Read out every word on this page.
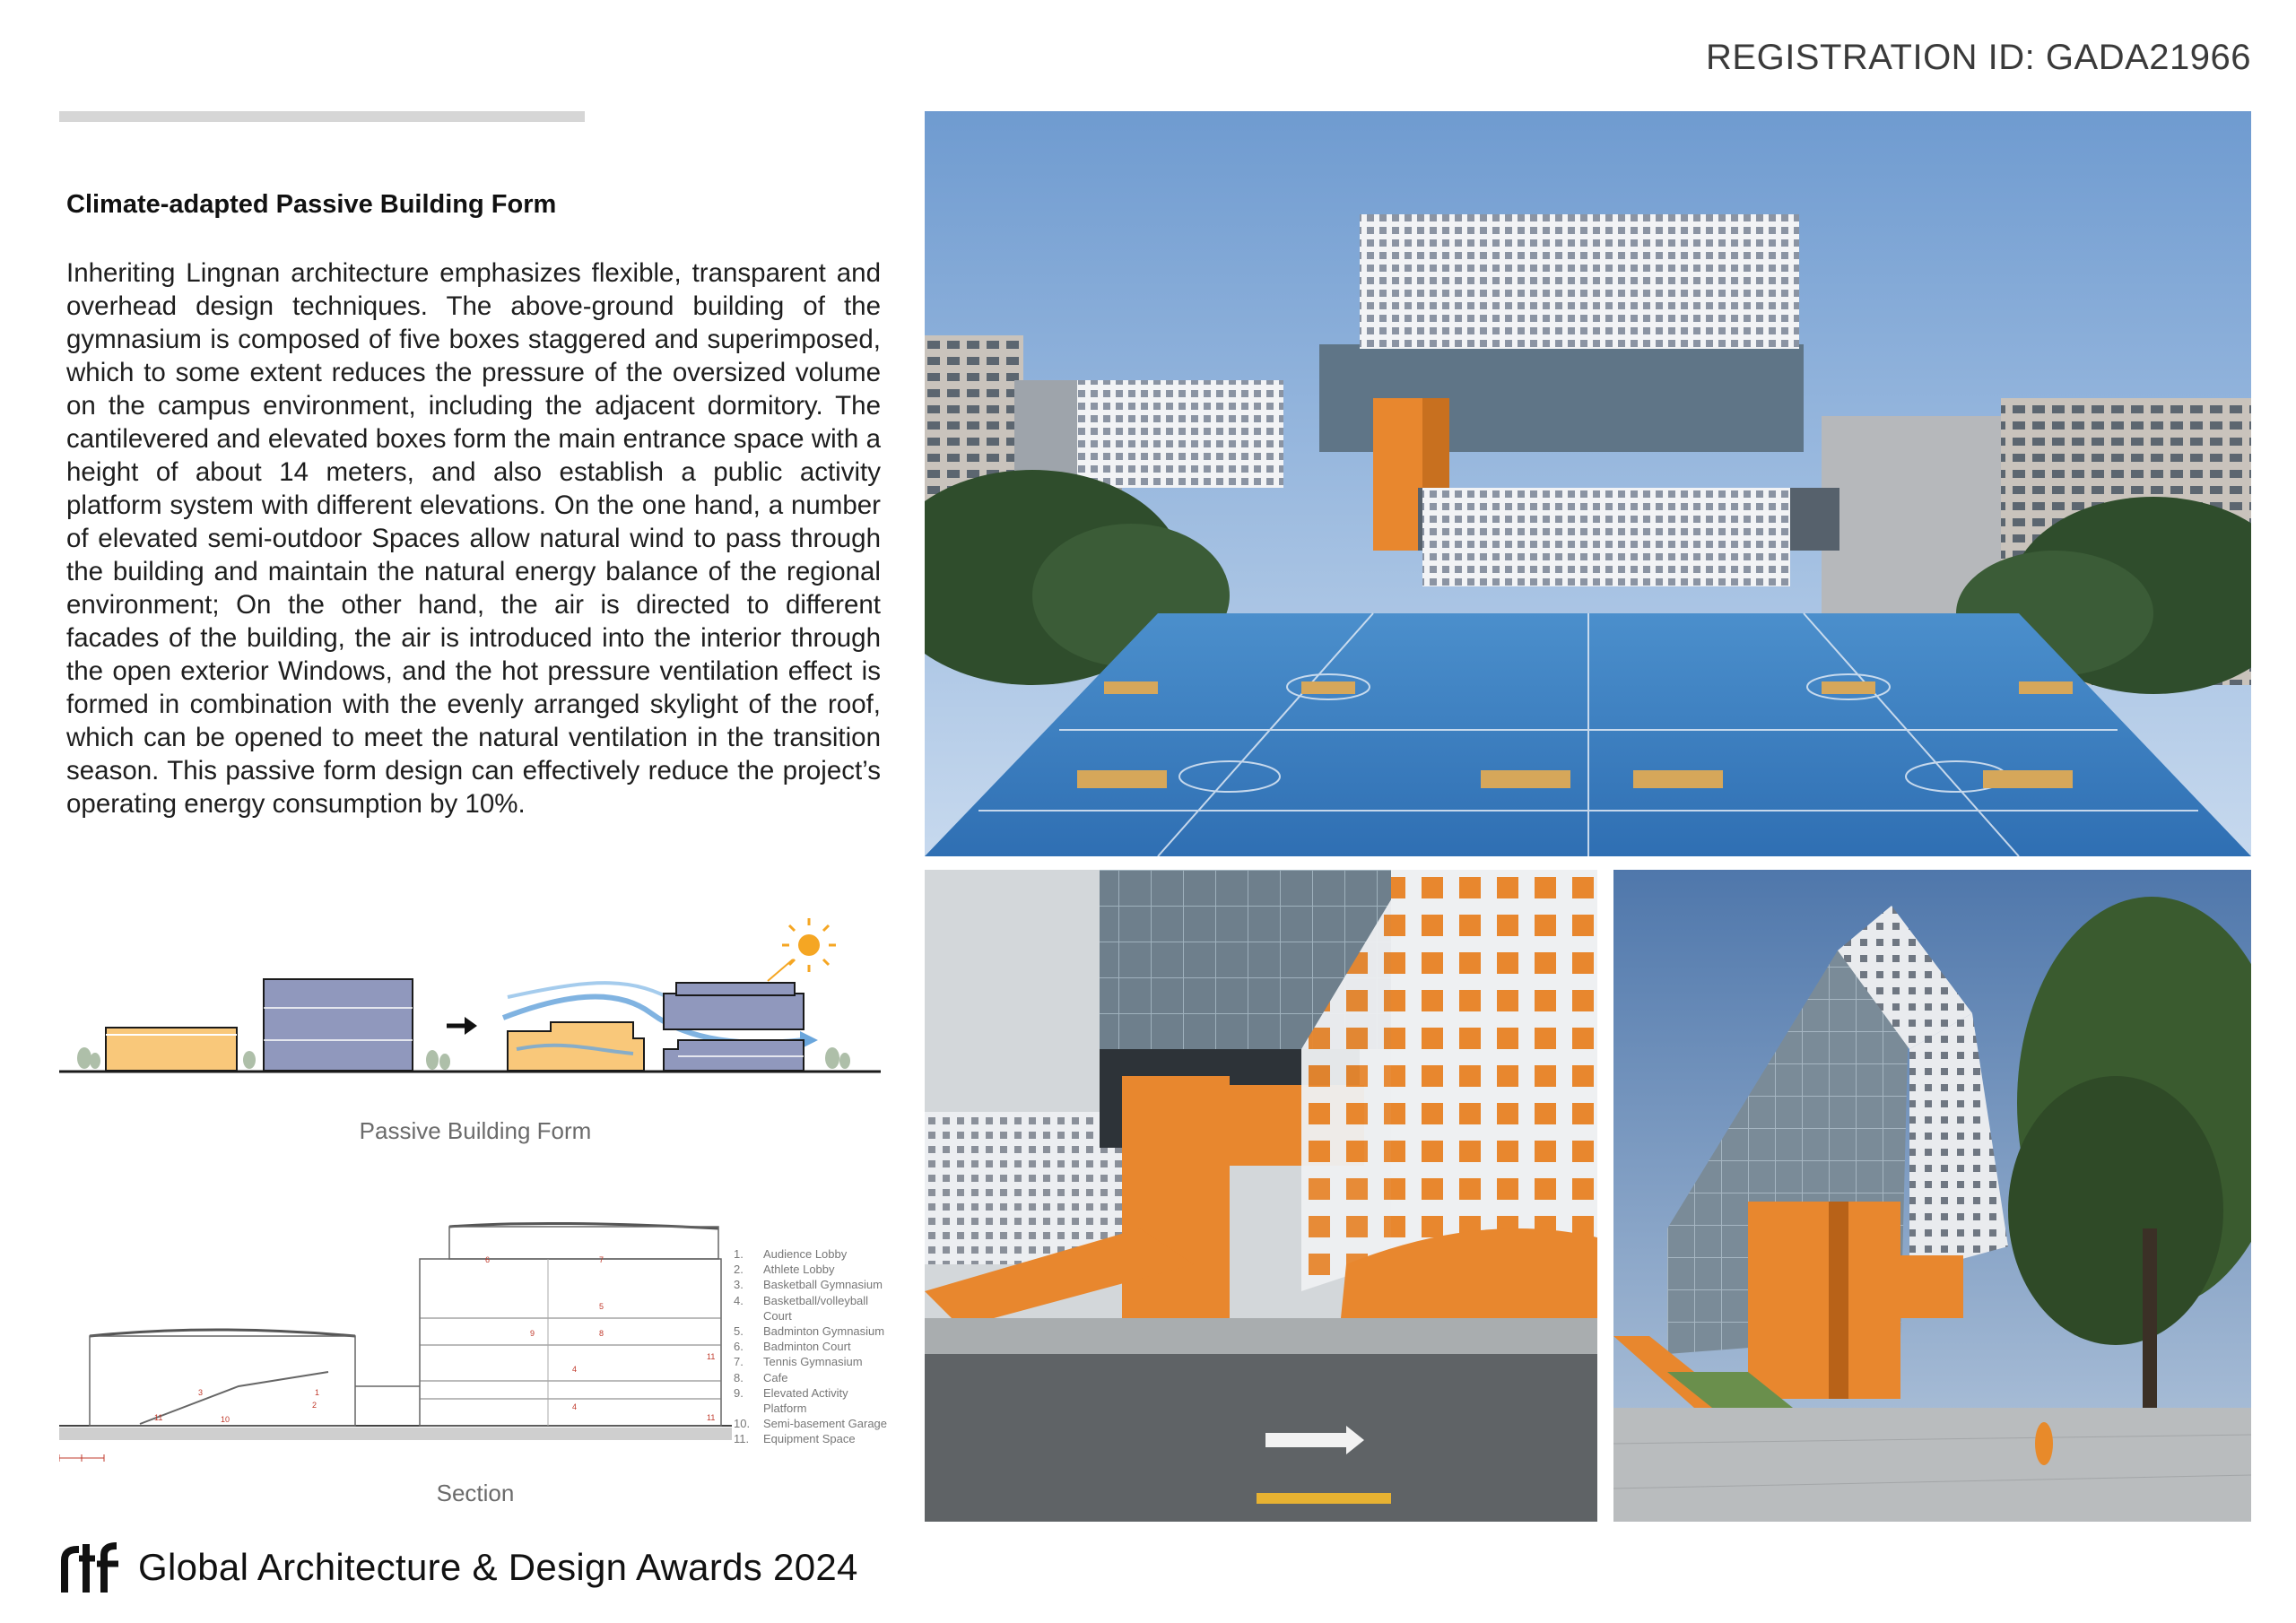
REGISTRATION ID: GADA21966
Climate-adapted Passive Building Form
Inheriting Lingnan architecture emphasizes flexible, transparent and overhead design techniques. The above-ground building of the gymnasium is composed of five boxes staggered and superimposed, which to some extent reduces the pressure of the oversized volume on the campus environment, including the adjacent dormitory. The cantilevered and elevated boxes form the main entrance space with a height of about 14 meters, and also establish a public activity platform system with different elevations. On the one hand, a number of elevated semi-outdoor Spaces allow natural wind to pass through the building and maintain the natural energy balance of the regional environment; On the other hand, the air is directed to different facades of the building, the air is introduced into the interior through the open exterior Windows, and the hot pressure ventilation effect is formed in combination with the evenly arranged skylight of the roof, which can be opened to meet the natural ventilation in the transition season. This passive form design can effectively reduce the project’s operating energy consumption by 10%.
Passive Building Form
6	7
5
9	8
4
3
2
1
11	10
4
11
11
1.	Audience Lobby
2.	Athlete Lobby
3.	Basketball Gymnasium
4.	Basketball/volleyball Court
5.	Badminton Gymnasium
6.	Badminton Court
7.	Tennis Gymnasium
8.	Cafe
9.	Elevated Activity Platform
10.	Semi-basement Garage
11.	Equipment Space
Section
Global Architecture & Design Awards 2024
